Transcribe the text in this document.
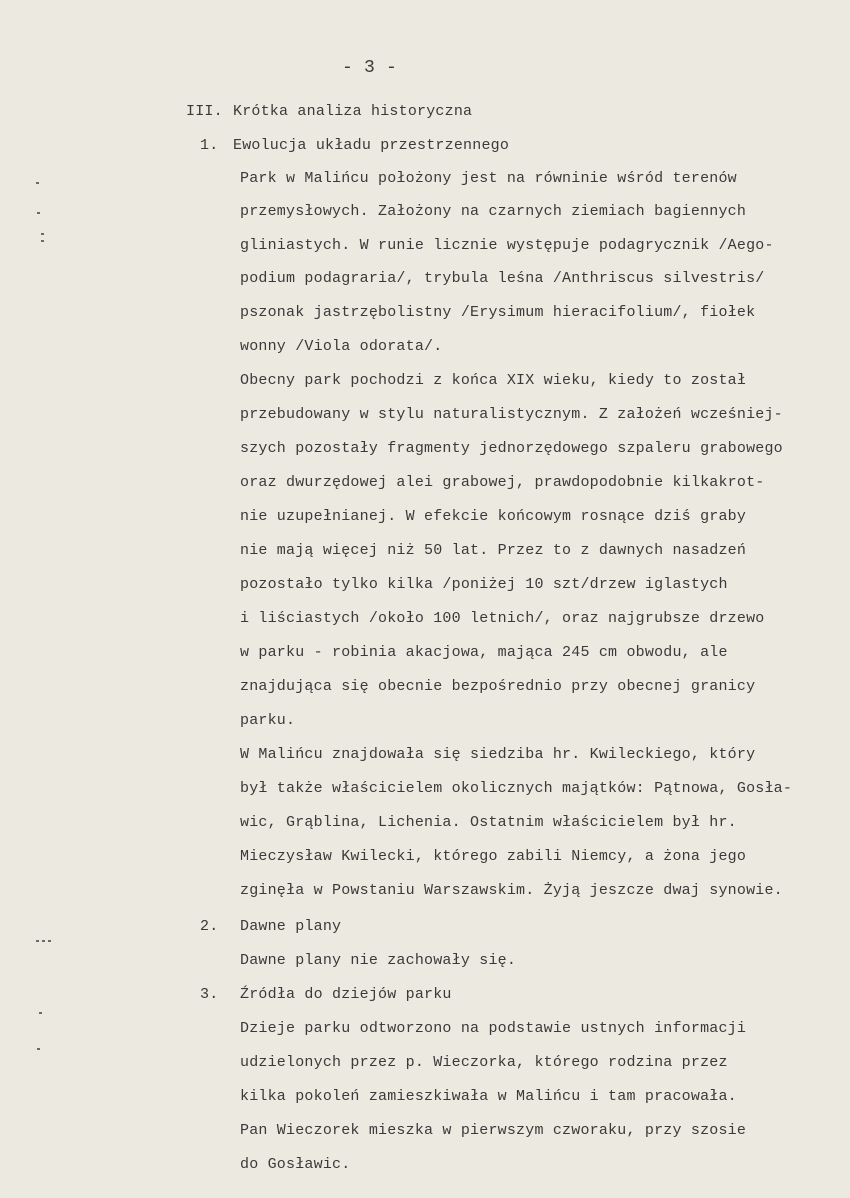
- 3 -
III. Krótka analiza historyczna
1. Ewolucja układu przestrzennego
Park w Malińcu położony jest na równinie wśród terenów
przemysłowych. Założony na czarnych ziemiach bagiennych
gliniastych. W runie licznie występuje podagrycznik /Aego-
podium podagraria/, trybula leśna /Anthriscus silvestris/
pszonak jastrzębolistny /Erysimum hieracifolium/, fiołek
wonny /Viola odorata/.
Obecny park pochodzi z końca XIX wieku, kiedy to został
przebudowany w stylu naturalistycznym. Z założeń wcześniej-
szych pozostały fragmenty jednorzędowego szpaleru grabowego
oraz dwurzędowej alei grabowej, prawdopodobnie kilkakrot-
nie uzupełnianej. W efekcie końcowym rosnące dziś graby
nie mają więcej niż 50 lat. Przez to z dawnych nasadzeń
pozostało tylko kilka /poniżej 10 szt/drzew iglastych
i liściastych /około 100 letnich/, oraz najgrubsze drzewo
w parku - robinia akacjowa, mająca 245 cm obwodu, ale
znajdująca się obecnie bezpośrednio przy obecnej granicy
parku.
W Malińcu znajdowała się siedziba hr. Kwileckiego, który
był także właścicielem okolicznych majątków: Pątnowa, Gosła-
wic, Grąblina, Lichenia. Ostatnim właścicielem był hr.
Mieczysław Kwilecki, którego zabili Niemcy, a żona jego
zginęła w Powstaniu Warszawskim. Żyją jeszcze dwaj synowie.
2. Dawne plany
Dawne plany nie zachowały się.
3. Źródła do dziejów parku
Dzieje parku odtworzono na podstawie ustnych informacji
udzielonych przez p. Wieczorka, którego rodzina przez
kilka pokoleń zamieszkiwała w Malińcu i tam pracowała.
Pan Wieczorek mieszka w pierwszym czworaku, przy szosie
do Gosławic.
